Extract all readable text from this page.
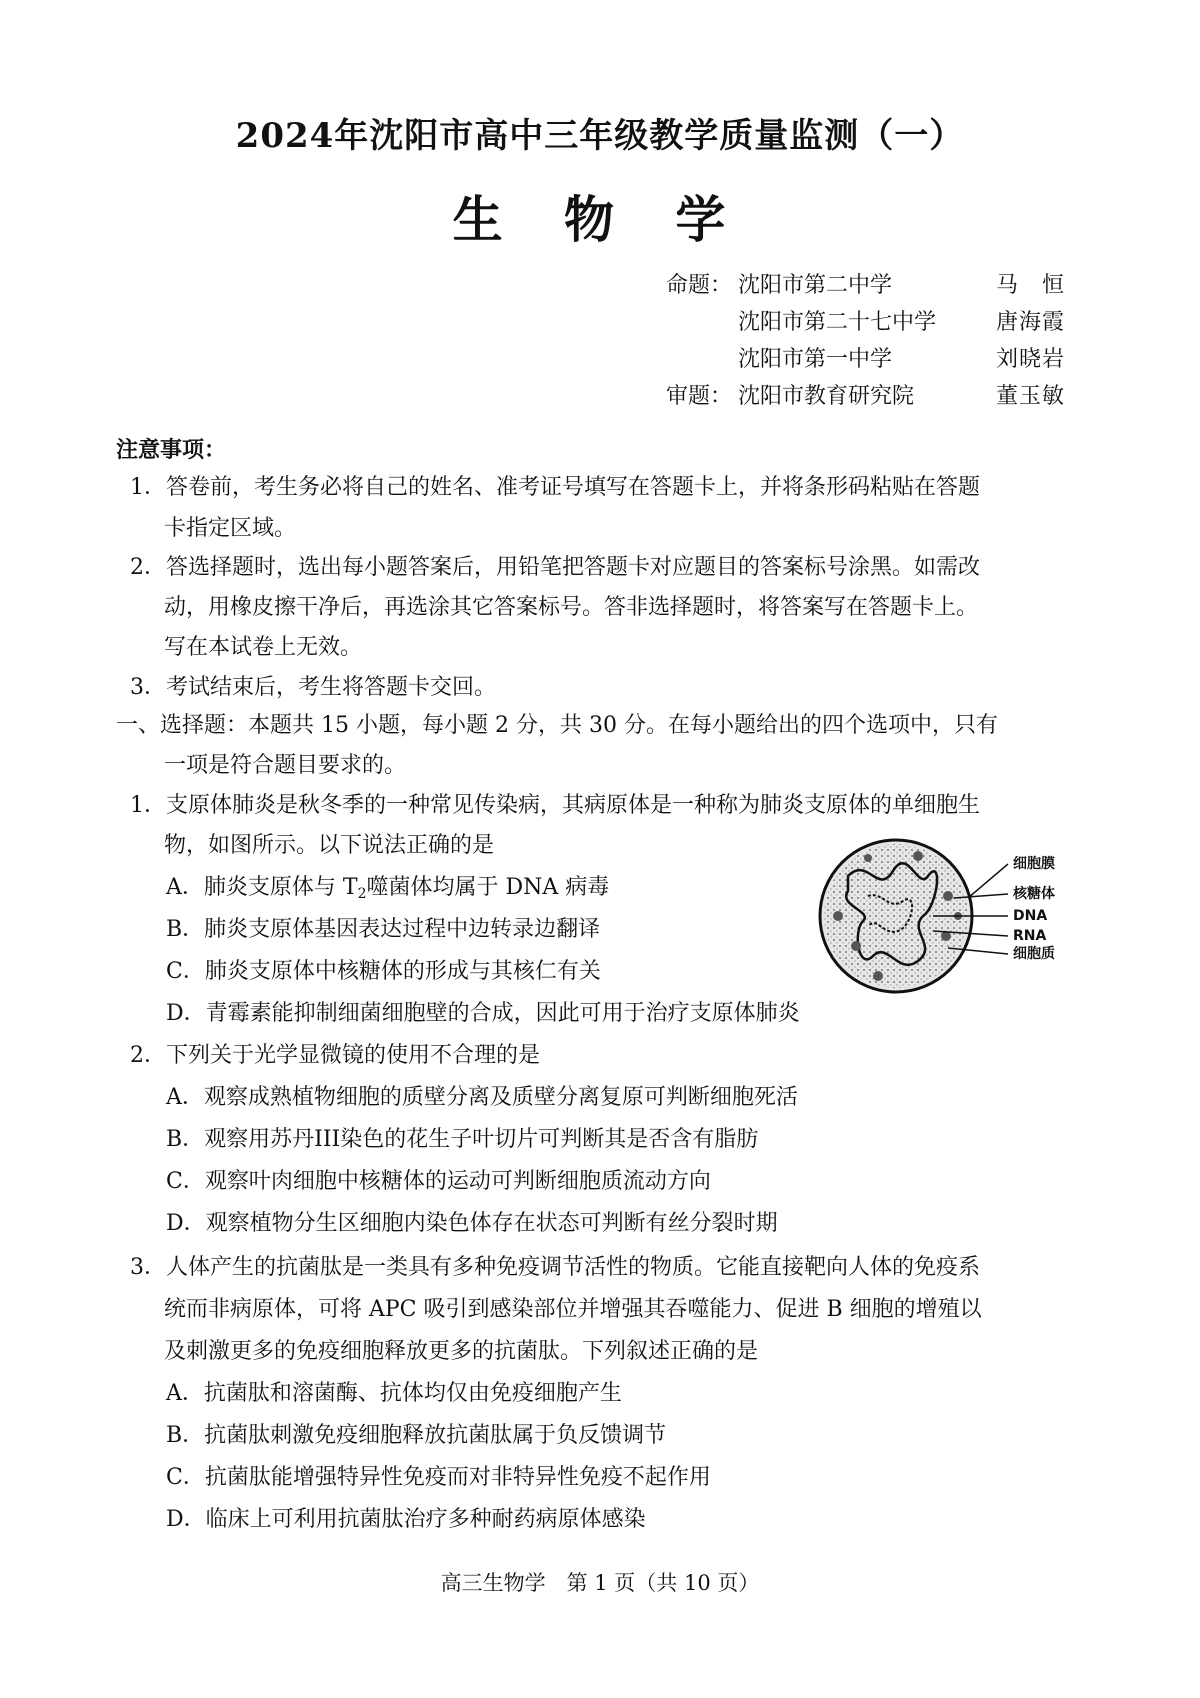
2024年沈阳市高中三年级教学质量监测（一）
生 物 学
命题： 沈阳市第二中学	马　恒
沈阳市第二十七中学	唐海霞
沈阳市第一中学	刘晓岩
审题： 沈阳市教育研究院	董玉敏
注意事项：
1．答卷前，考生务必将自己的姓名、准考证号填写在答题卡上，并将条形码粘贴在答题
卡指定区域。
2．答选择题时，选出每小题答案后，用铅笔把答题卡对应题目的答案标号涂黑。如需改
动，用橡皮擦干净后，再选涂其它答案标号。答非选择题时，将答案写在答题卡上。
写在本试卷上无效。
3．考试结束后，考生将答题卡交回。
一、选择题：本题共 15 小题，每小题 2 分，共 30 分。在每小题给出的四个选项中，只有
一项是符合题目要求的。
1．支原体肺炎是秋冬季的一种常见传染病，其病原体是一种称为肺炎支原体的单细胞生
物，如图所示。以下说法正确的是
A．肺炎支原体与 $T_2$噬菌体均属于 DNA 病毒
B．肺炎支原体基因表达过程中边转录边翻译
C．肺炎支原体中核糖体的形成与其核仁有关
D．青霉素能抑制细菌细胞壁的合成，因此可用于治疗支原体肺炎
细胞膜
核糖体
DNA
RNA
细胞质
2．下列关于光学显微镜的使用不合理的是
A．观察成熟植物细胞的质壁分离及质壁分离复原可判断细胞死活
B．观察用苏丹III染色的花生子叶切片可判断其是否含有脂肪
C．观察叶肉细胞中核糖体的运动可判断细胞质流动方向
D．观察植物分生区细胞内染色体存在状态可判断有丝分裂时期
3．人体产生的抗菌肽是一类具有多种免疫调节活性的物质。它能直接靶向人体的免疫系
统而非病原体，可将 APC 吸引到感染部位并增强其吞噬能力、促进 B 细胞的增殖以
及刺激更多的免疫细胞释放更多的抗菌肽。下列叙述正确的是
A．抗菌肽和溶菌酶、抗体均仅由免疫细胞产生
B．抗菌肽刺激免疫细胞释放抗菌肽属于负反馈调节
C．抗菌肽能增强特异性免疫而对非特异性免疫不起作用
D．临床上可利用抗菌肽治疗多种耐药病原体感染
高三生物学　第 1 页（共 10 页）
